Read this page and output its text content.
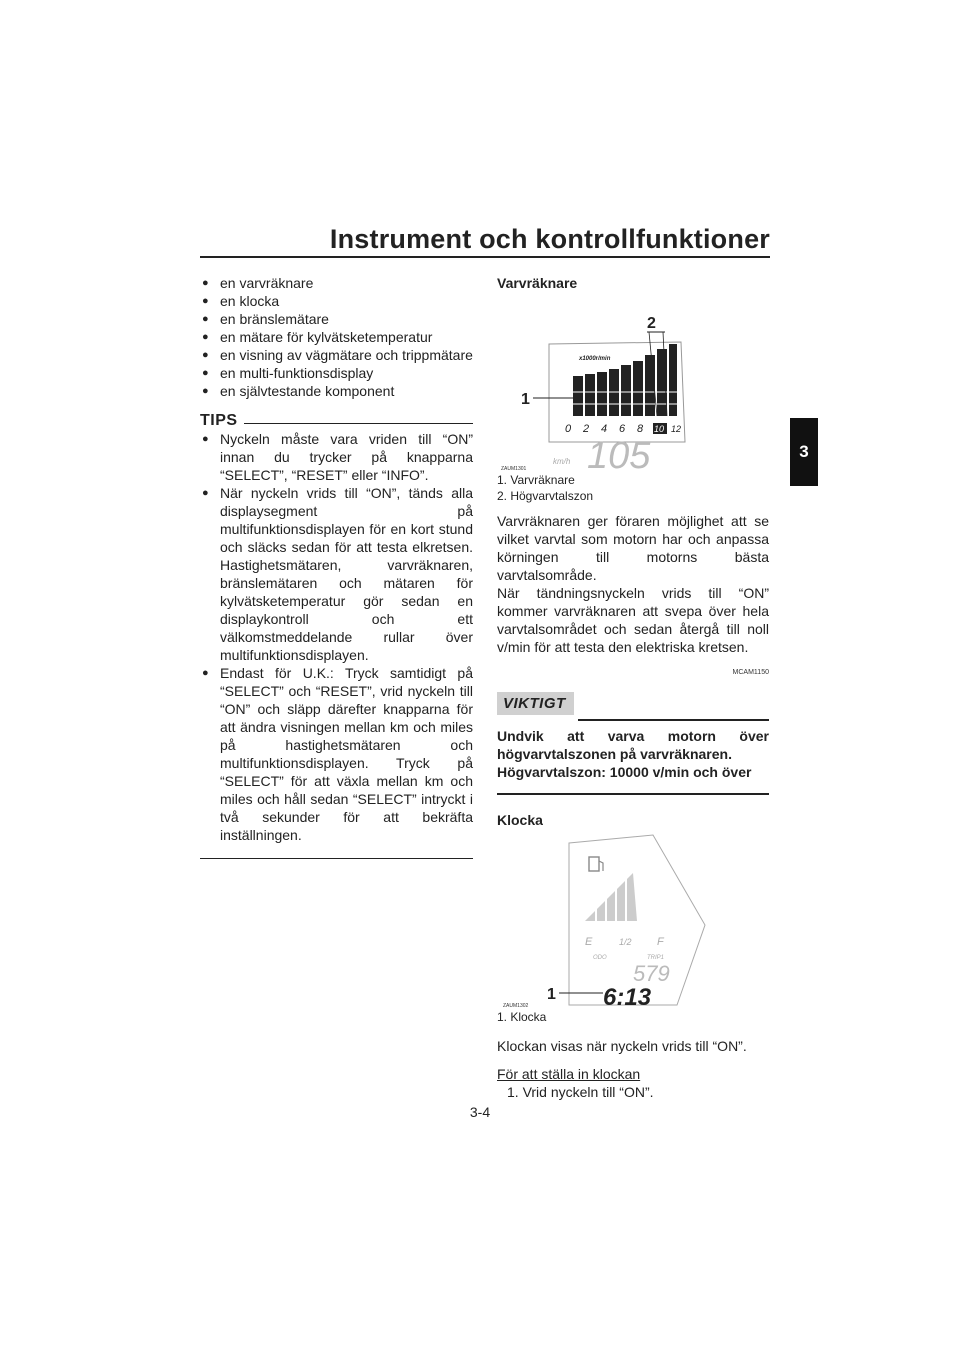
Instrument och kontrollfunktioner
3
● en varvräknare
● en klocka
● en bränslemätare
● en mätare för kylvätsketemperatur
● en visning av vägmätare och trippmätare
● en multi-funktionsdisplay
● en självtestande komponent
TIPS
● Nyckeln måste vara vriden till “ON” innan du trycker på knapparna “SELECT”, “RESET” eller “INFO”.
● När nyckeln vrids till “ON”, tänds alla displaysegment på multifunktionsdisplayen för en kort stund och släcks sedan för att testa elkretsen. Hastighetsmätaren, varvräknaren, bränslemätaren och mätaren för kylvätsketemperatur gör sedan en displaykontroll och ett välkomstmeddelande rullar över multifunktionsdisplayen.
● Endast för U.K.: Tryck samtidigt på “SELECT” och “RESET”, vrid nyckeln till “ON” och släpp därefter knapparna för att ändra visningen mellan km och miles på hastighetsmätaren och multifunktionsdisplayen. Tryck på “SELECT” för att växla mellan km och miles och håll sedan “SELECT” intryckt i två sekunder för att bekräfta inställningen.
Varvräknare
x1000r/min
0 2 4 6 8 10 12
km/h 105
1
2
ZAUM1301
1. Varvräknare
2. Högvarvtalszon
Varvräknaren ger föraren möjlighet att se vilket varvtal som motorn har och anpassa körningen till motorns bästa varvtalsområde.
När tändningsnyckeln vrids till “ON” kommer varvräknaren att svepa över hela varvtalsområdet och sedan återgå till noll v/min för att testa den elektriska kretsen.
MCAM1150
VIKTIGT
Undvik att varva motorn över högvarvtalszonen på varvräknaren.
Högvarvtalszon: 10000 v/min och över
Klocka
E	1/2 F
ODO	TRIP1
579
6:13
1
ZAUM1302
1. Klocka
Klockan visas när nyckeln vrids till “ON”.
För att ställa in klockan
1. Vrid nyckeln till “ON”.
3-4
